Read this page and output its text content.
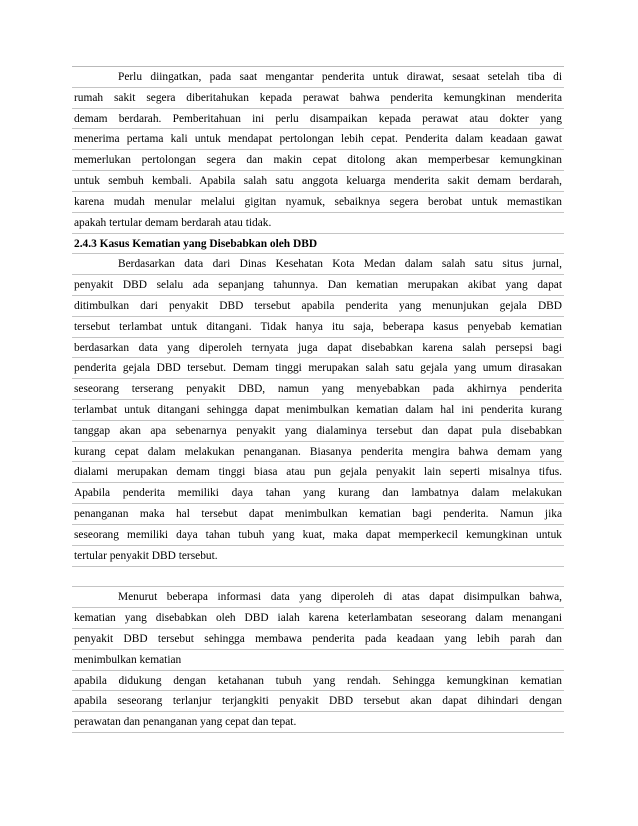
Perlu diingatkan, pada saat mengantar penderita untuk dirawat, sesaat setelah tiba di
rumah sakit segera diberitahukan kepada perawat bahwa penderita kemungkinan menderita
demam berdarah. Pemberitahuan ini perlu disampaikan kepada perawat atau dokter yang
menerima pertama kali untuk mendapat pertolongan lebih cepat. Penderita dalam keadaan gawat
memerlukan pertolongan segera dan makin cepat ditolong akan memperbesar kemungkinan
untuk sembuh kembali. Apabila salah satu anggota keluarga menderita sakit demam berdarah,
karena mudah menular melalui gigitan nyamuk, sebaiknya segera berobat untuk memastikan
apakah tertular demam berdarah atau tidak.
2.4.3 Kasus Kematian yang Disebabkan oleh DBD
Berdasarkan data dari Dinas Kesehatan Kota Medan dalam salah satu situs jurnal,
penyakit DBD selalu ada sepanjang tahunnya. Dan kematian merupakan akibat yang dapat
ditimbulkan dari penyakit DBD tersebut apabila penderita yang menunjukan gejala DBD
tersebut terlambat untuk ditangani. Tidak hanya itu saja, beberapa kasus penyebab kematian
berdasarkan data yang diperoleh ternyata juga dapat disebabkan karena salah persepsi bagi
penderita gejala DBD tersebut. Demam tinggi merupakan salah satu gejala yang umum dirasakan
seseorang terserang penyakit DBD, namun yang menyebabkan pada akhirnya penderita
terlambat untuk ditangani sehingga dapat menimbulkan kematian dalam hal ini penderita kurang
tanggap akan apa sebenarnya penyakit yang dialaminya tersebut dan dapat pula disebabkan
kurang cepat dalam melakukan penanganan. Biasanya penderita mengira bahwa demam yang
dialami merupakan demam tinggi biasa atau pun gejala penyakit lain seperti misalnya tifus.
Apabila penderita memiliki daya tahan yang kurang dan lambatnya dalam melakukan
penanganan maka hal tersebut dapat menimbulkan kematian bagi penderita. Namun jika
seseorang memiliki daya tahan tubuh yang kuat, maka dapat memperkecil kemungkinan untuk
tertular penyakit DBD tersebut.
Menurut beberapa informasi data yang diperoleh di atas dapat disimpulkan bahwa,
kematian yang disebabkan oleh DBD ialah karena keterlambatan seseorang dalam menangani
penyakit DBD tersebut sehingga membawa penderita pada keadaan yang lebih parah dan
menimbulkan kematian
apabila didukung dengan ketahanan tubuh yang rendah. Sehingga kemungkinan kematian
apabila seseorang terlanjur terjangkiti penyakit DBD tersebut akan dapat dihindari dengan
perawatan dan penanganan yang cepat dan tepat.
